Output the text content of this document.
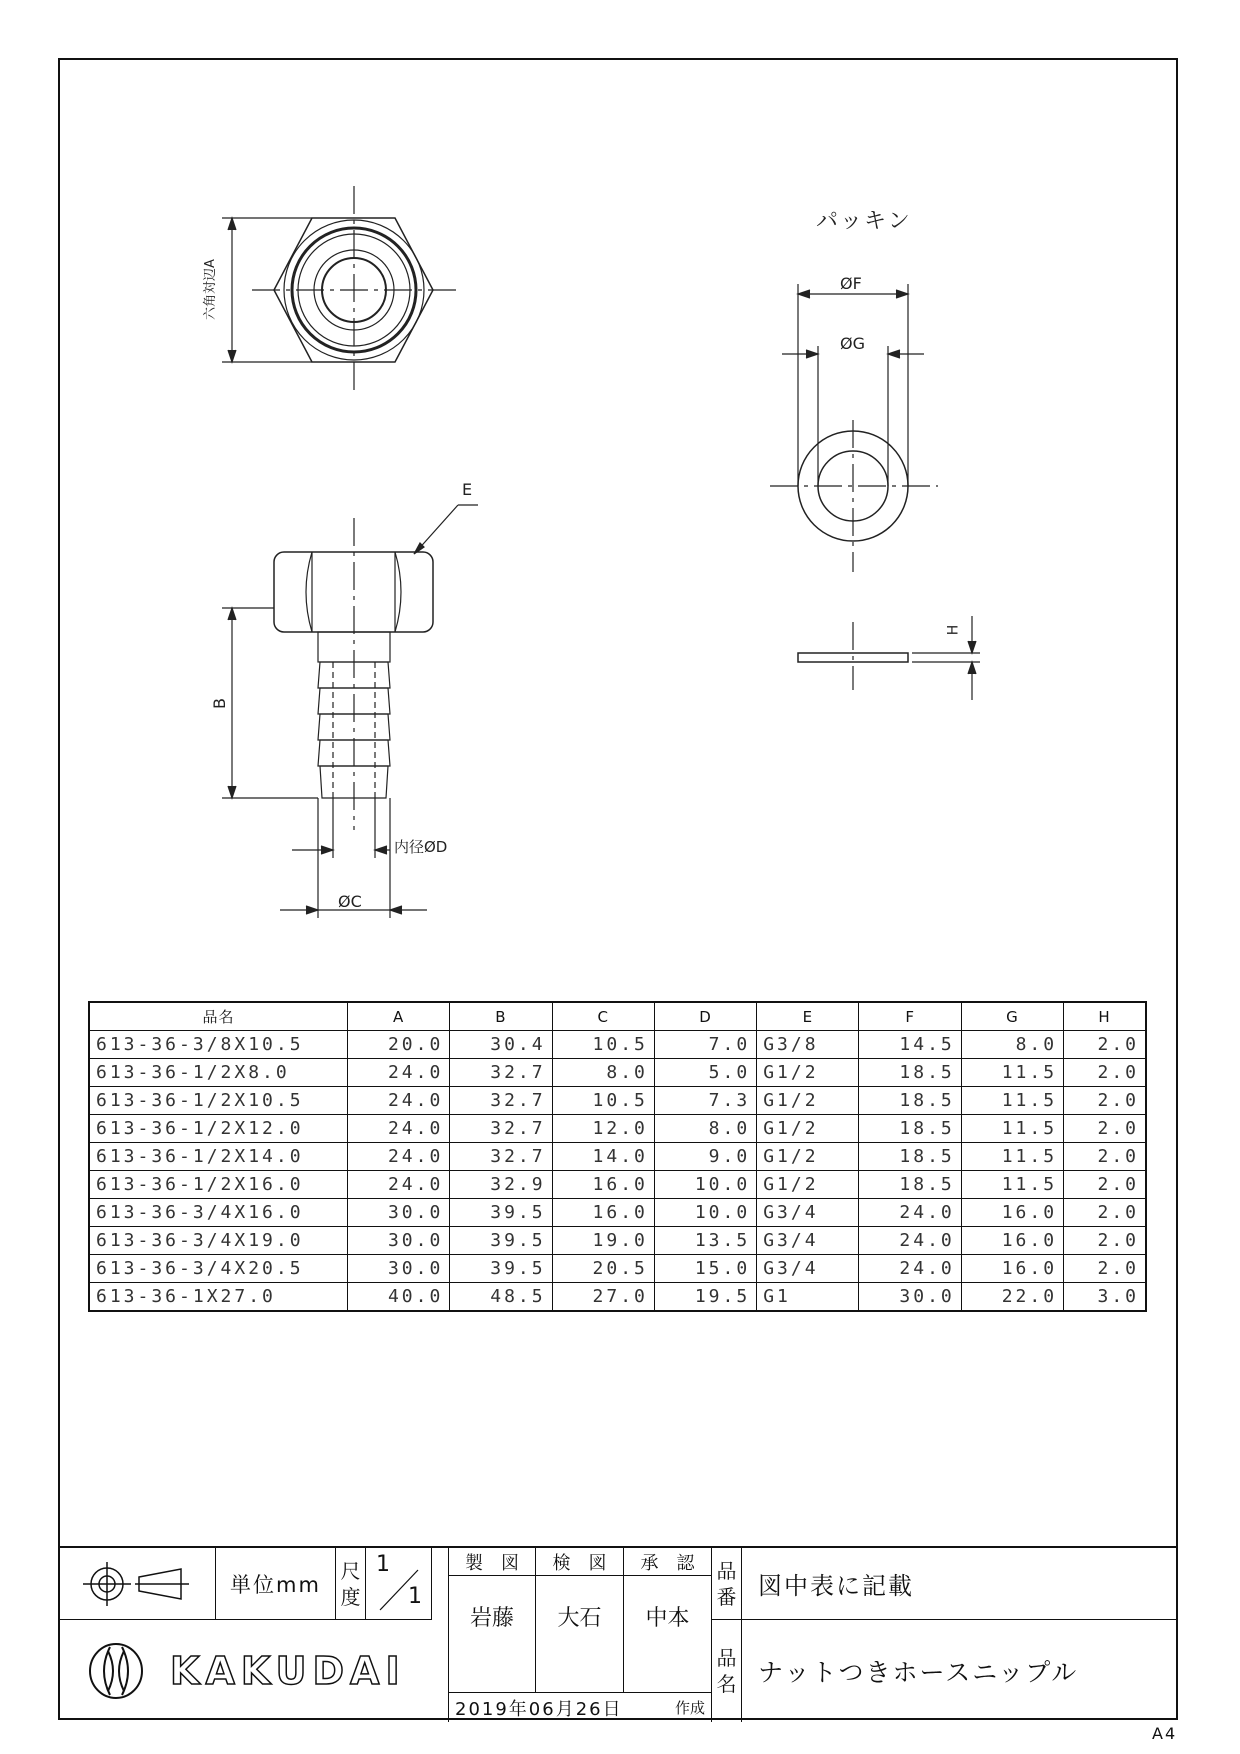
六角対辺A
E
B
内径ØD
ØC
パッキン
ØF
ØG
H
品名	A	B	C	D	E	F	G	H
613-36-3/8X10.5	20.0	30.4	10.5	7.0	G3/8	14.5	8.0	2.0
613-36-1/2X8.0	24.0	32.7	8.0	5.0	G1/2	18.5	11.5	2.0
613-36-1/2X10.5	24.0	32.7	10.5	7.3	G1/2	18.5	11.5	2.0
613-36-1/2X12.0	24.0	32.7	12.0	8.0	G1/2	18.5	11.5	2.0
613-36-1/2X14.0	24.0	32.7	14.0	9.0	G1/2	18.5	11.5	2.0
613-36-1/2X16.0	24.0	32.9	16.0	10.0	G1/2	18.5	11.5	2.0
613-36-3/4X16.0	30.0	39.5	16.0	10.0	G3/4	24.0	16.0	2.0
613-36-3/4X19.0	30.0	39.5	19.0	13.5	G3/4	24.0	16.0	2.0
613-36-3/4X20.5	30.0	39.5	20.5	15.0	G3/4	24.0	16.0	2.0
613-36-1X27.0	40.0	48.5	27.0	19.5	G1	30.0	22.0	3.0
単位mm
尺
度
1
1
製　図	検　図	承　認
岩藤	大石	中本
2019年06月26日	作成
品
番 図中表に記載
品
名 ナットつきホースニップル
KAKUDAI
A4
